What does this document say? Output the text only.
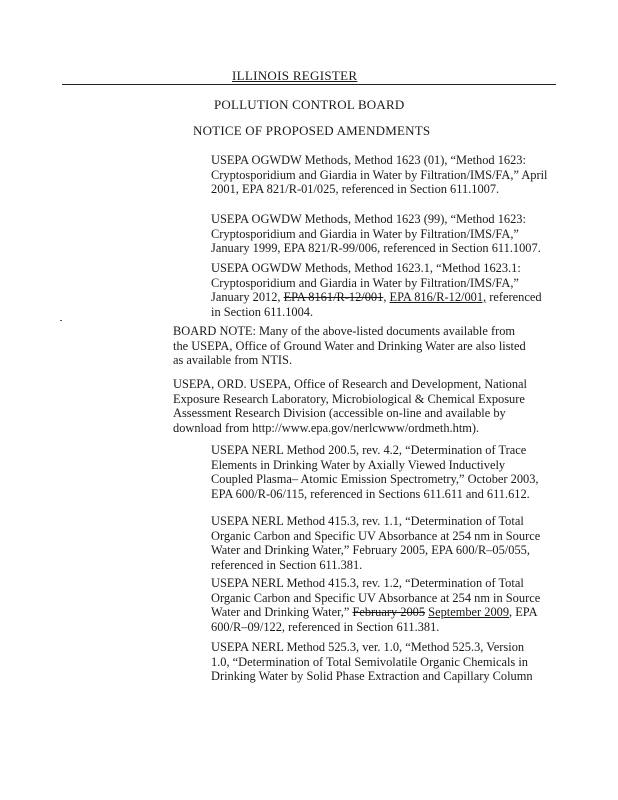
ILLINOIS REGISTER
POLLUTION CONTROL BOARD
NOTICE OF PROPOSED AMENDMENTS
USEPA OGWDW Methods, Method 1623 (01), “Method 1623: Cryptosporidium and Giardia in Water by Filtration/IMS/FA,” April 2001, EPA 821/R-01/025, referenced in Section 611.1007.
USEPA OGWDW Methods, Method 1623 (99), “Method 1623: Cryptosporidium and Giardia in Water by Filtration/IMS/FA,” January 1999, EPA 821/R-99/006, referenced in Section 611.1007.
USEPA OGWDW Methods, Method 1623.1, “Method 1623.1: Cryptosporidium and Giardia in Water by Filtration/IMS/FA,” January 2012, EPA 8161/R-12/001, EPA 816/R-12/001, referenced in Section 611.1004.
BOARD NOTE: Many of the above-listed documents available from the USEPA, Office of Ground Water and Drinking Water are also listed as available from NTIS.
USEPA, ORD. USEPA, Office of Research and Development, National Exposure Research Laboratory, Microbiological & Chemical Exposure Assessment Research Division (accessible on-line and available by download from http://www.epa.gov/nerlcwww/ordmeth.htm).
USEPA NERL Method 200.5, rev. 4.2, “Determination of Trace Elements in Drinking Water by Axially Viewed Inductively Coupled Plasma– Atomic Emission Spectrometry,” October 2003, EPA 600/R-06/115, referenced in Sections 611.611 and 611.612.
USEPA NERL Method 415.3, rev. 1.1, “Determination of Total Organic Carbon and Specific UV Absorbance at 254 nm in Source Water and Drinking Water,” February 2005, EPA 600/R–05/055, referenced in Section 611.381.
USEPA NERL Method 415.3, rev. 1.2, “Determination of Total Organic Carbon and Specific UV Absorbance at 254 nm in Source Water and Drinking Water,” February 2005 September 2009, EPA 600/R–09/122, referenced in Section 611.381.
USEPA NERL Method 525.3, ver. 1.0, “Method 525.3, Version 1.0, “Determination of Total Semivolatile Organic Chemicals in Drinking Water by Solid Phase Extraction and Capillary Column
